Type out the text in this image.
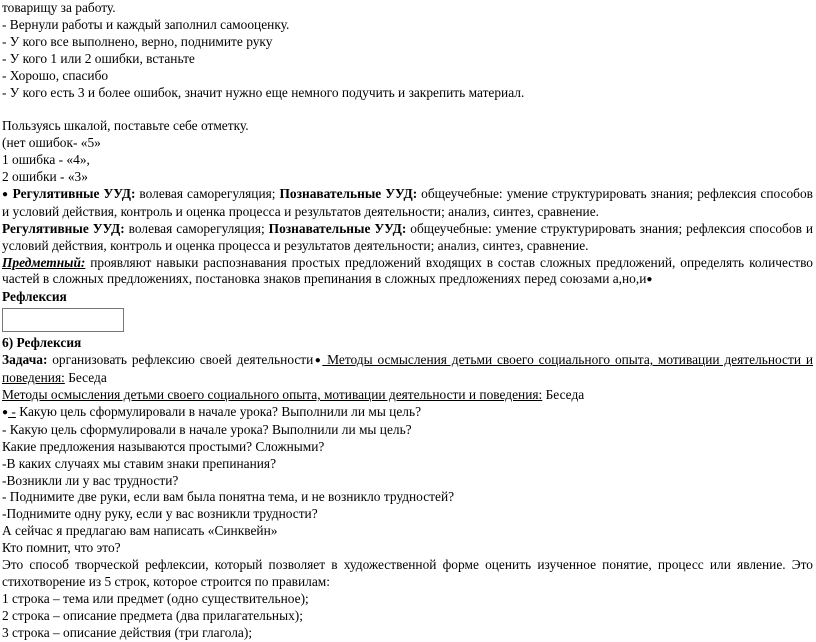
товарищу за работу.
- Вернули работы и каждый заполнил самооценку.
- У кого все выполнено, верно, поднимите руку
- У кого 1 или 2 ошибки, встаньте
- Хорошо, спасибо
- У кого есть 3 и более ошибок, значит нужно еще немного подучить и закрепить материал.
Пользуясь шкалой, поставьте себе отметку.
(нет ошибок- «5»
1 ошибка - «4»,
2 ошибки - «3»
● Регулятивные УУД: волевая саморегуляция; Познавательные УУД: общеучебные: умение структурировать знания; рефлексия способов и условий действия, контроль и оценка процесса и результатов деятельности; анализ, синтез, сравнение.
Регулятивные УУД: волевая саморегуляция; Познавательные УУД: общеучебные: умение структурировать знания; рефлексия способов и условий действия, контроль и оценка процесса и результатов деятельности; анализ, синтез, сравнение.
Предметный: проявляют навыки распознавания простых предложений входящих в состав сложных предложений, определять количество частей в сложных предложениях, постановка знаков препинания в сложных предложениях перед союзами а,но,и●
Рефлексия
6) Рефлексия
Задача: организовать рефлексию своей деятельности● Методы осмысления детьми своего социального опыта, мотивации деятельности и поведения: Беседа
Методы осмысления детьми своего социального опыта, мотивации деятельности и поведения: Беседа
● - Какую цель сформулировали в начале урока? Выполнили ли мы цель?
- Какую цель сформулировали в начале урока? Выполнили ли мы цель?
Какие предложения называются простыми? Сложными?
-В каких случаях мы ставим знаки препинания?
-Возникли ли у вас трудности?
- Поднимите две руки, если вам была понятна тема, и не возникло трудностей?
-Поднимите одну руку, если у вас возникли трудности?
А сейчас я предлагаю вам написать «Синквейн»
Кто помнит, что это?
Это способ творческой рефлексии, который позволяет в художественной форме оценить изученное понятие, процесс или явление. Это стихотворение из 5 строк, которое строится по правилам:
1 строка – тема или предмет (одно существительное);
2 строка – описание предмета (два прилагательных);
3 строка – описание действия (три глагола);
